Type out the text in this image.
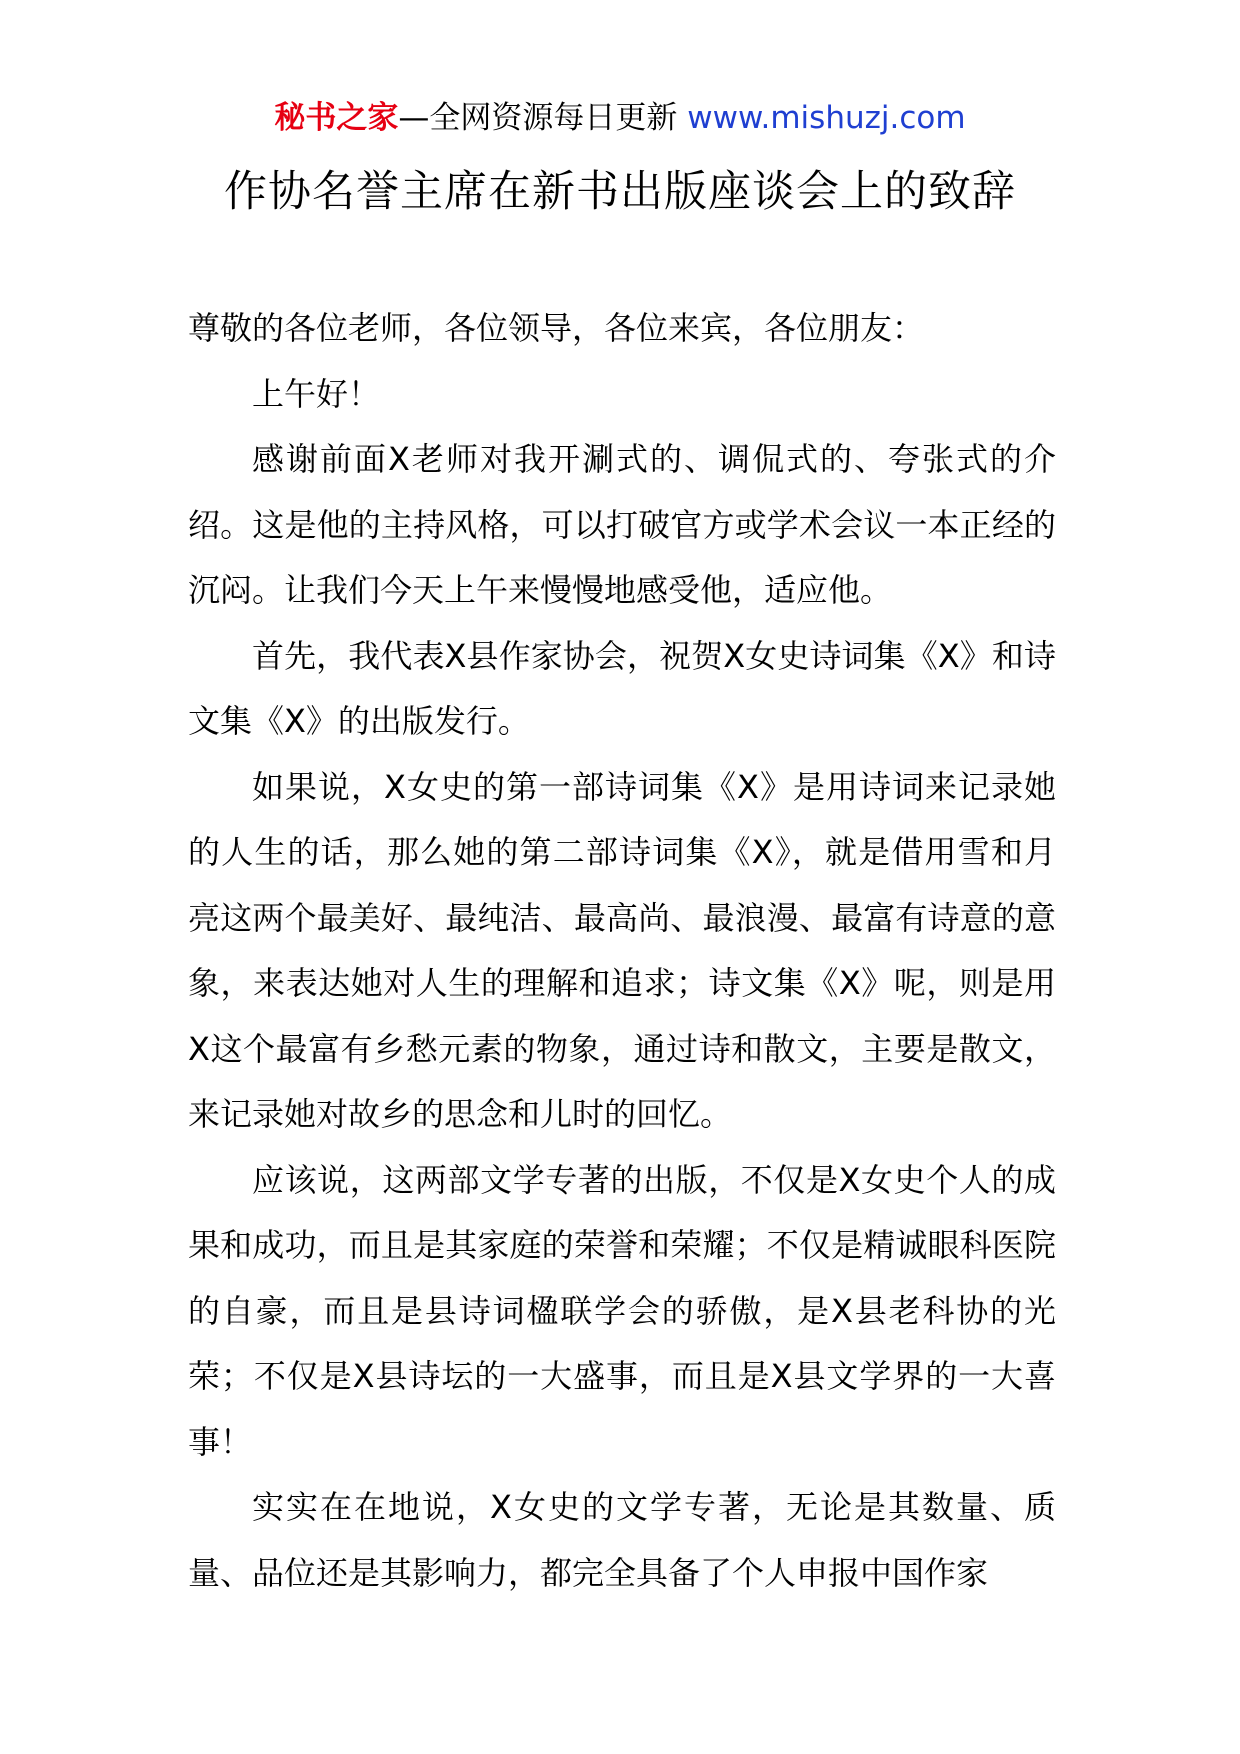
秘书之家—全网资源每日更新 www.mishuzj.com
作协名誉主席在新书出版座谈会上的致辞

尊敬的各位老师，各位领导，各位来宾，各位朋友：

上午好！

感谢前面X老师对我开涮式的、调侃式的、夸张式的介绍。这是他的主持风格，可以打破官方或学术会议一本正经的沉闷。让我们今天上午来慢慢地感受他，适应他。

首先，我代表X县作家协会，祝贺X女史诗词集《X》和诗文集《X》的出版发行。

如果说，X女史的第一部诗词集《X》是用诗词来记录她的人生的话，那么她的第二部诗词集《X》，就是借用雪和月亮这两个最美好、最纯洁、最高尚、最浪漫、最富有诗意的意象，来表达她对人生的理解和追求；诗文集《X》呢，则是用X这个最富有乡愁元素的物象，通过诗和散文，主要是散文，来记录她对故乡的思念和儿时的回忆。

应该说，这两部文学专著的出版，不仅是X女史个人的成果和成功，而且是其家庭的荣誉和荣耀；不仅是精诚眼科医院的自豪，而且是县诗词楹联学会的骄傲，是X县老科协的光荣；不仅是X县诗坛的一大盛事，而且是X县文学界的一大喜事！

实实在在地说，X女史的文学专著，无论是其数量、质量、品位还是其影响力，都完全具备了个人申报中国作家
